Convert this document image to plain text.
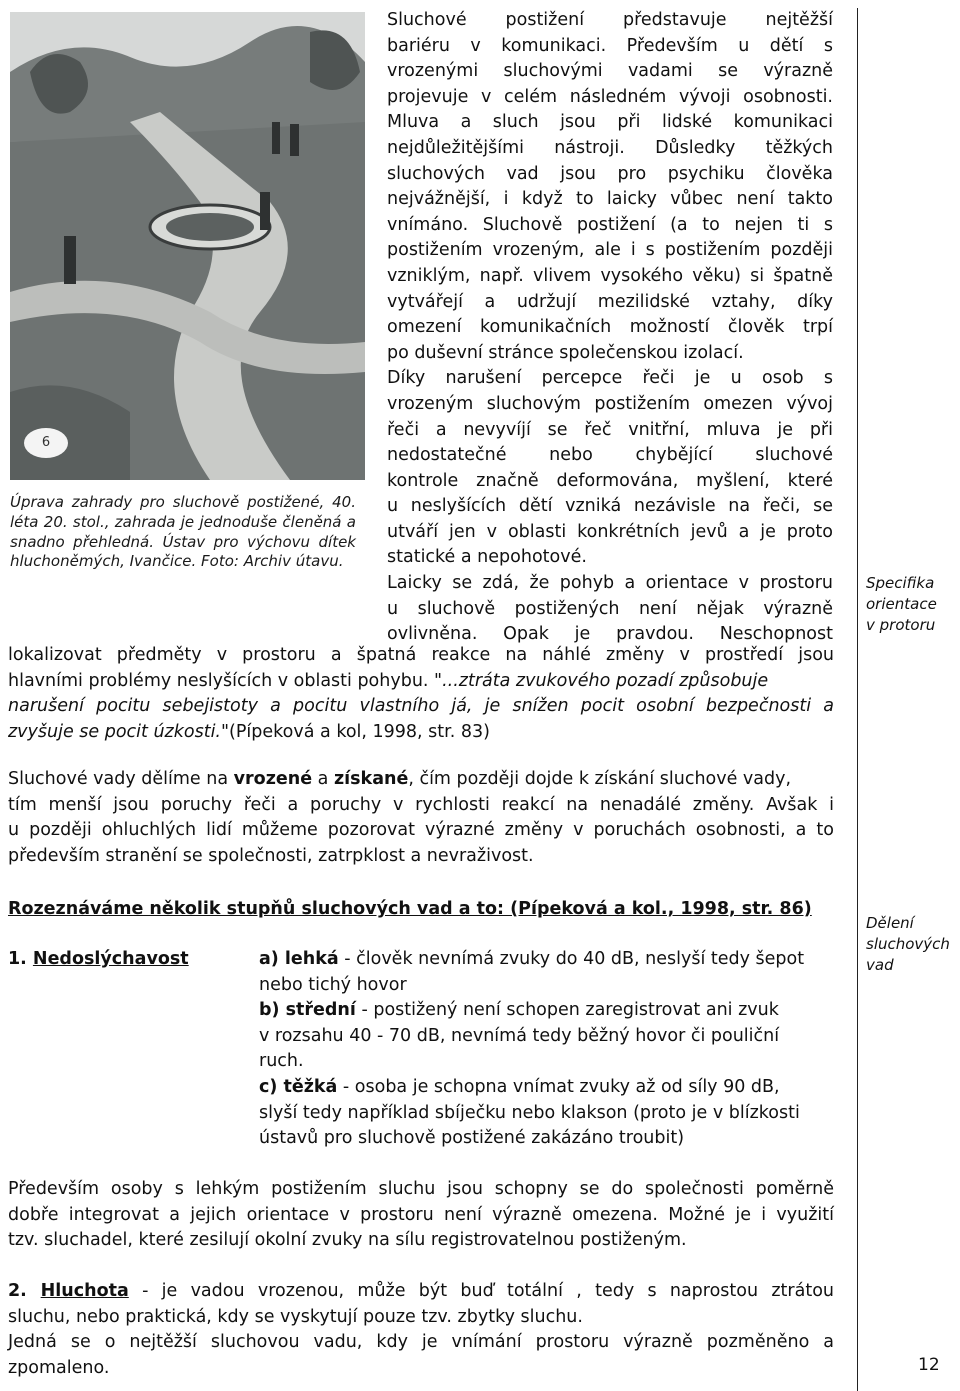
6
Úprava zahrady pro sluchově postižené, 40. léta 20. stol., zahrada je jednoduše členěná a snadno přehledná. Ústav pro výchovu dítek hluchoněmých, Ivančice. Foto: Archiv útavu.
Sluchové postižení představuje nejtěžší
bariéru v komunikaci. Především u dětí s
vrozenými sluchovými vadami se výrazně
projevuje v celém následném vývoji osobnosti.
Mluva a sluch jsou při lidské komunikaci
nejdůležitějšími nástroji. Důsledky těžkých
sluchových vad jsou pro psychiku člověka
nejvážnější, i když to laicky vůbec není takto
vnímáno. Sluchově postižení (a to nejen ti s
postižením vrozeným, ale i s postižením později
vzniklým, např. vlivem vysokého věku) si špatně
vytvářejí a udržují mezilidské vztahy, díky
omezení komunikačních možností člověk trpí
po duševní stránce společenskou izolací.
Díky narušení percepce řeči je u osob s
vrozeným sluchovým postižením omezen vývoj
řeči a nevyvíjí se řeč vnitřní, mluva je při
nedostatečné nebo chybějící sluchové
kontrole značně deformována, myšlení, které
u neslyšících dětí vzniká nezávisle na řeči, se
utváří jen v oblasti konkrétních jevů a je proto
statické a nepohotové.
Laicky se zdá, že pohyb a orientace v prostoru
u sluchově postižených není nějak výrazně
ovlivněna. Opak je pravdou. Neschopnost
Specifika
orientace
v protoru
lokalizovat předměty v prostoru a špatná reakce na náhlé změny v prostředí jsou
hlavními problémy neslyšících v oblasti pohybu. "...ztráta zvukového pozadí způsobuje
narušení pocitu sebejistoty a pocitu vlastního já, je snížen pocit osobní bezpečnosti a
zvyšuje se pocit úzkosti."(Pípeková a kol, 1998, str. 83)
Sluchové vady dělíme na vrozené a získané, čím později dojde k získání sluchové vady,
tím menší jsou poruchy řeči a poruchy v rychlosti reakcí na nenadálé změny. Avšak i
u později ohluchlých lidí můžeme pozorovat výrazné změny v poruchách osobnosti, a to
především stranění se společnosti, zatrpklost a nevraživost.
Rozeznáváme několik stupňů sluchových vad a to: (Pípeková a kol., 1998, str. 86)
Dělení
sluchových
vad
1. Nedoslýchavost	a) lehká - člověk nevnímá zvuky do 40 dB, neslyší tedy šepot
nebo tichý hovor
b) střední - postižený není schopen zaregistrovat ani zvuk
v rozsahu 40 - 70 dB, nevnímá tedy běžný hovor či pouliční
ruch.
c) těžká - osoba je schopna vnímat zvuky až od síly 90 dB,
slyší tedy například sbíječku nebo klakson (proto je v blízkosti
ústavů pro sluchově postižené zakázáno troubit)
Především osoby s lehkým postižením sluchu jsou schopny se do společnosti poměrně
dobře integrovat a jejich orientace v prostoru není výrazně omezena. Možné je i využití
tzv. sluchadel, které zesilují okolní zvuky na sílu registrovatelnou postiženým.
2. Hluchota - je vadou vrozenou, může být buď totální , tedy s naprostou ztrátou
sluchu, nebo praktická, kdy se vyskytují pouze tzv. zbytky sluchu.
Jedná se o nejtěžší sluchovou vadu, kdy je vnímání prostoru výrazně pozměněno a
zpomaleno.	12
